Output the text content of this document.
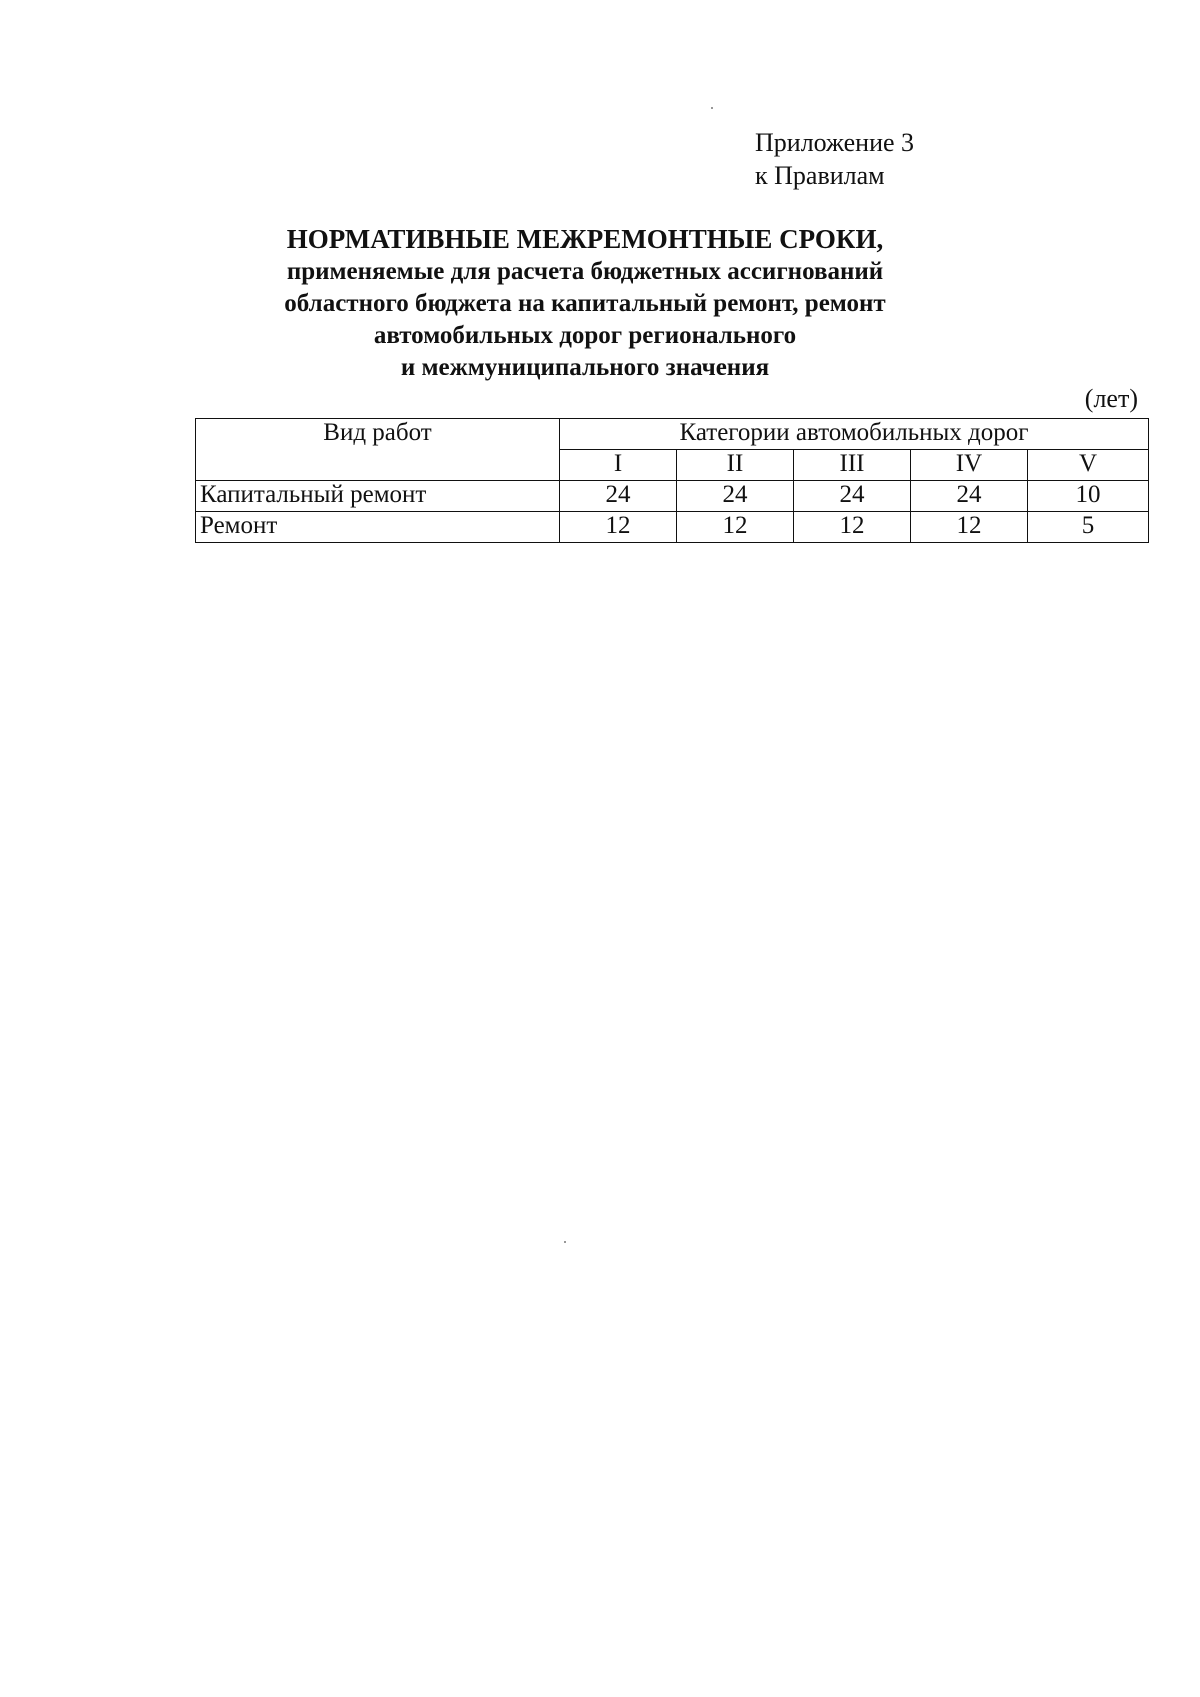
Приложение 3
к Правилам
НОРМАТИВНЫЕ МЕЖРЕМОНТНЫЕ СРОКИ,
применяемые для расчета бюджетных ассигнований
областного бюджета на капитальный ремонт, ремонт
автомобильных дорог регионального
и межмуниципального значения
(лет)
Вид работ	Категории автомобильных дорог				
	I	II	III	IV	V
Капитальный ремонт	24	24	24	24	10
Ремонт	12	12	12	12	5
